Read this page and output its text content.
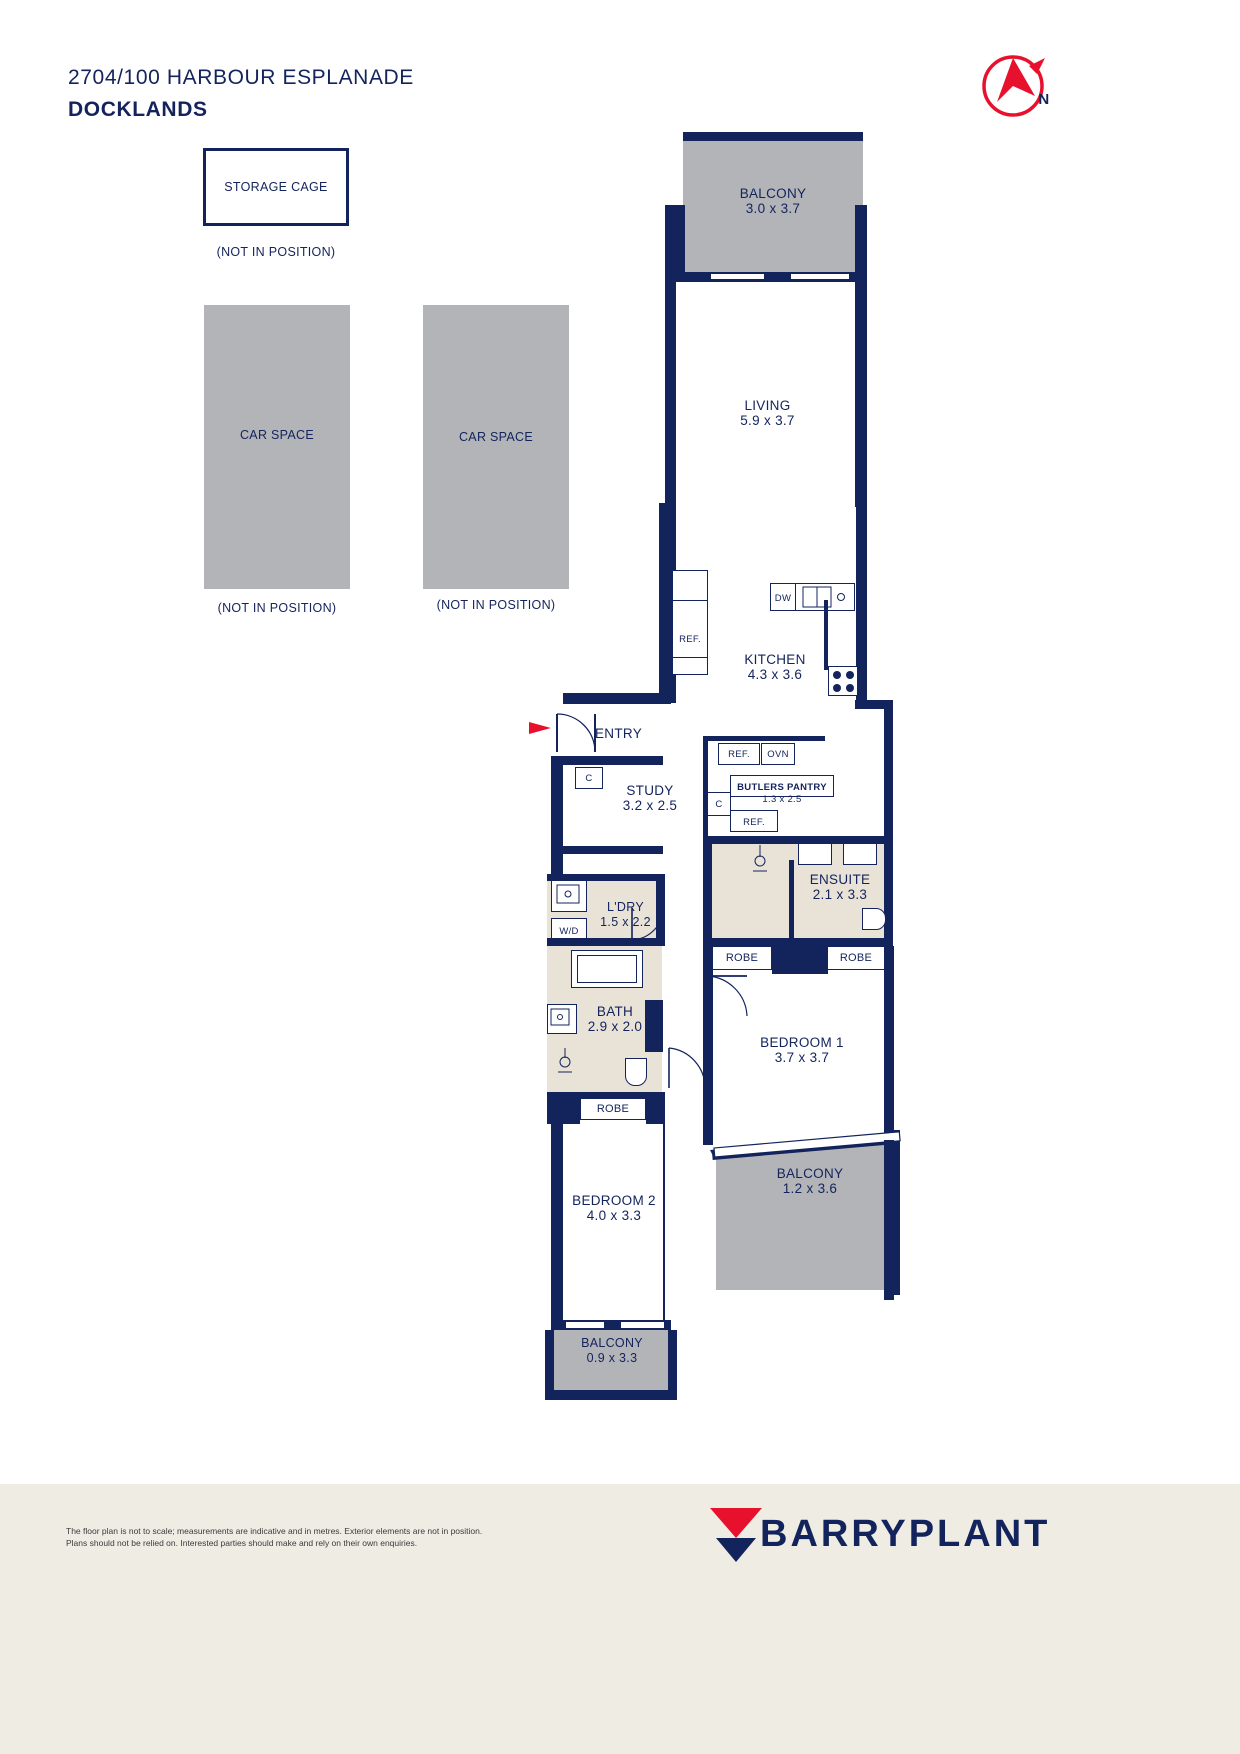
2704/100 HARBOUR ESPLANADE
DOCKLANDS	N
STORAGE CAGE
(NOT IN POSITION)
CAR SPACE
(NOT IN POSITION)
CAR SPACE
(NOT IN POSITION)
BALCONY
3.0 x 3.7
LIVING
5.9 x 3.7
KITCHEN
4.3 x 3.6
REF.
DW
ENTRY
C
STUDY
3.2 x 2.5
REF.	OVN
BUTLERS PANTRY
1.3 x 2.5
C
REF.
ENSUITE
2.1 x 3.3
ROBE	ROBE
W/D
L'DRY
1.5 x 2.2
BATH
2.9 x 2.0
ROBE
BEDROOM 1
3.7 x 3.7
BALCONY
1.2 x 3.6
BEDROOM 2
4.0 x 3.3
BALCONY
0.9 x 3.3
The floor plan is not to scale; measurements are indicative and in metres. Exterior elements are not in position.
Plans should not be relied on. Interested parties should make and rely on their own enquiries.	BARRYPLANT
